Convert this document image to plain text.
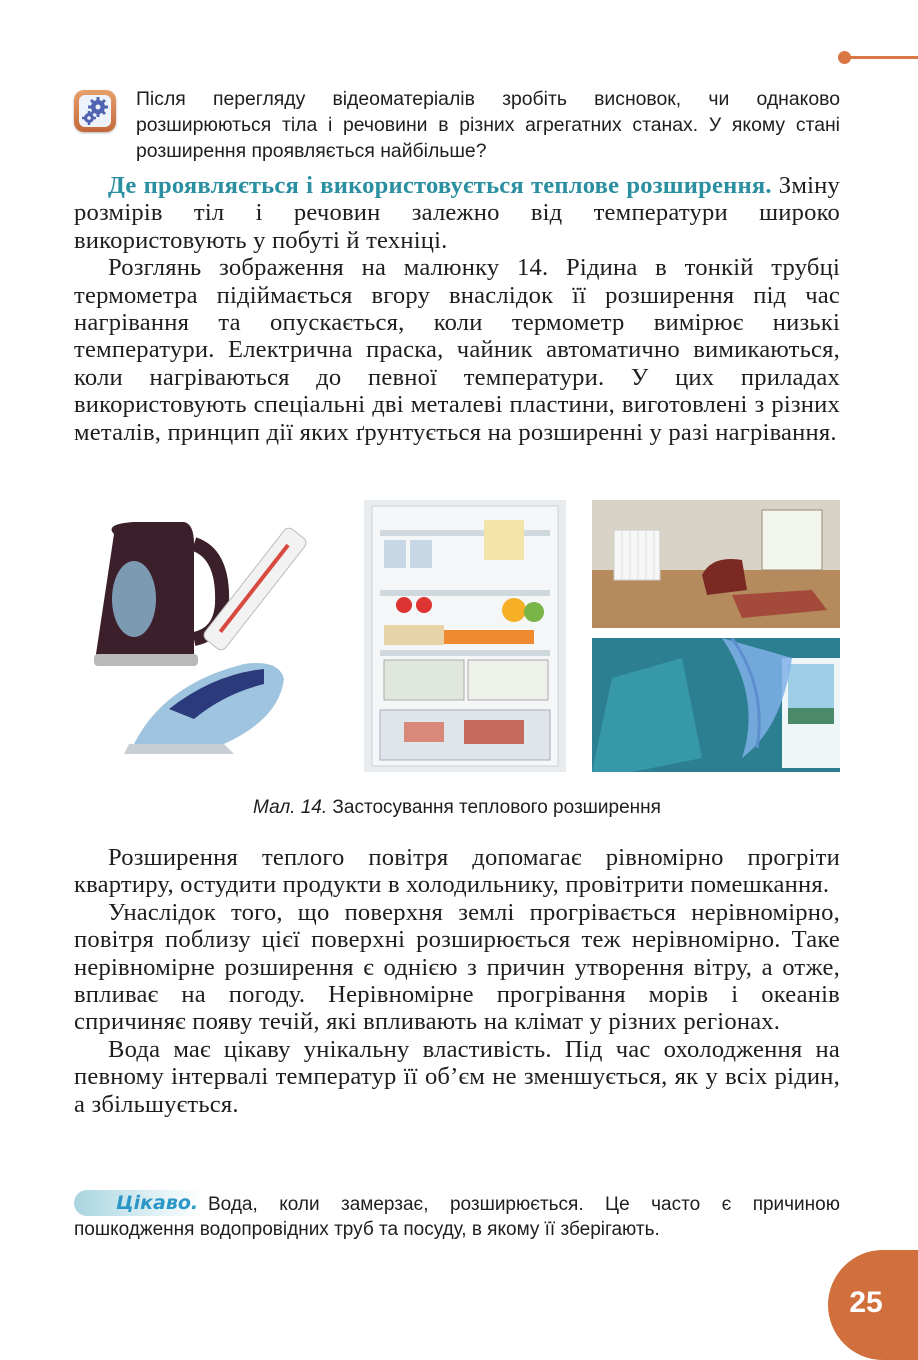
Після перегляду відеоматеріалів зробіть висновок, чи однаково розширюються тіла і речовини в різних агрегатних станах. У якому стані розширення проявляється найбільше?

Де проявляється і використовується теплове розширення. Зміну розмірів тіл і речовин залежно від температури широко використовують у побуті й техніці.

Розглянь зображення на малюнку 14. Рідина в тонкій трубці термометра підіймається вгору внаслідок її розширення під час нагрівання та опускається, коли термометр вимірює низькі температури. Електрична праска, чайник автоматично вимикаються, коли нагріваються до певної температури. У цих приладах використовують спеціальні дві металеві пластини, виготовлені з різних металів, принцип дії яких ґрунтується на розширенні у разі нагрівання.

Мал. 14. Застосування теплового розширення

Розширення теплого повітря допомагає рівномірно прогріти квартиру, остудити продукти в холодильнику, провітрити помешкання.

Унаслідок того, що поверхня землі прогрівається нерівномірно, повітря поблизу цієї поверхні розширюється теж нерівномірно. Таке нерівномірне розширення є однією з причин утворення вітру, а отже, впливає на погоду. Нерівномірне прогрівання морів і океанів спричиняє появу течій, які впливають на клімат у різних регіонах.

Вода має цікаву унікальну властивість. Під час охолодження на певному інтервалі температур її об’єм не зменшується, як у всіх рідин, а збільшується.

Цікаво. Вода, коли замерзає, розширюється. Це часто є причиною пошкодження водопровідних труб та посуду, в якому її зберігають.
25
